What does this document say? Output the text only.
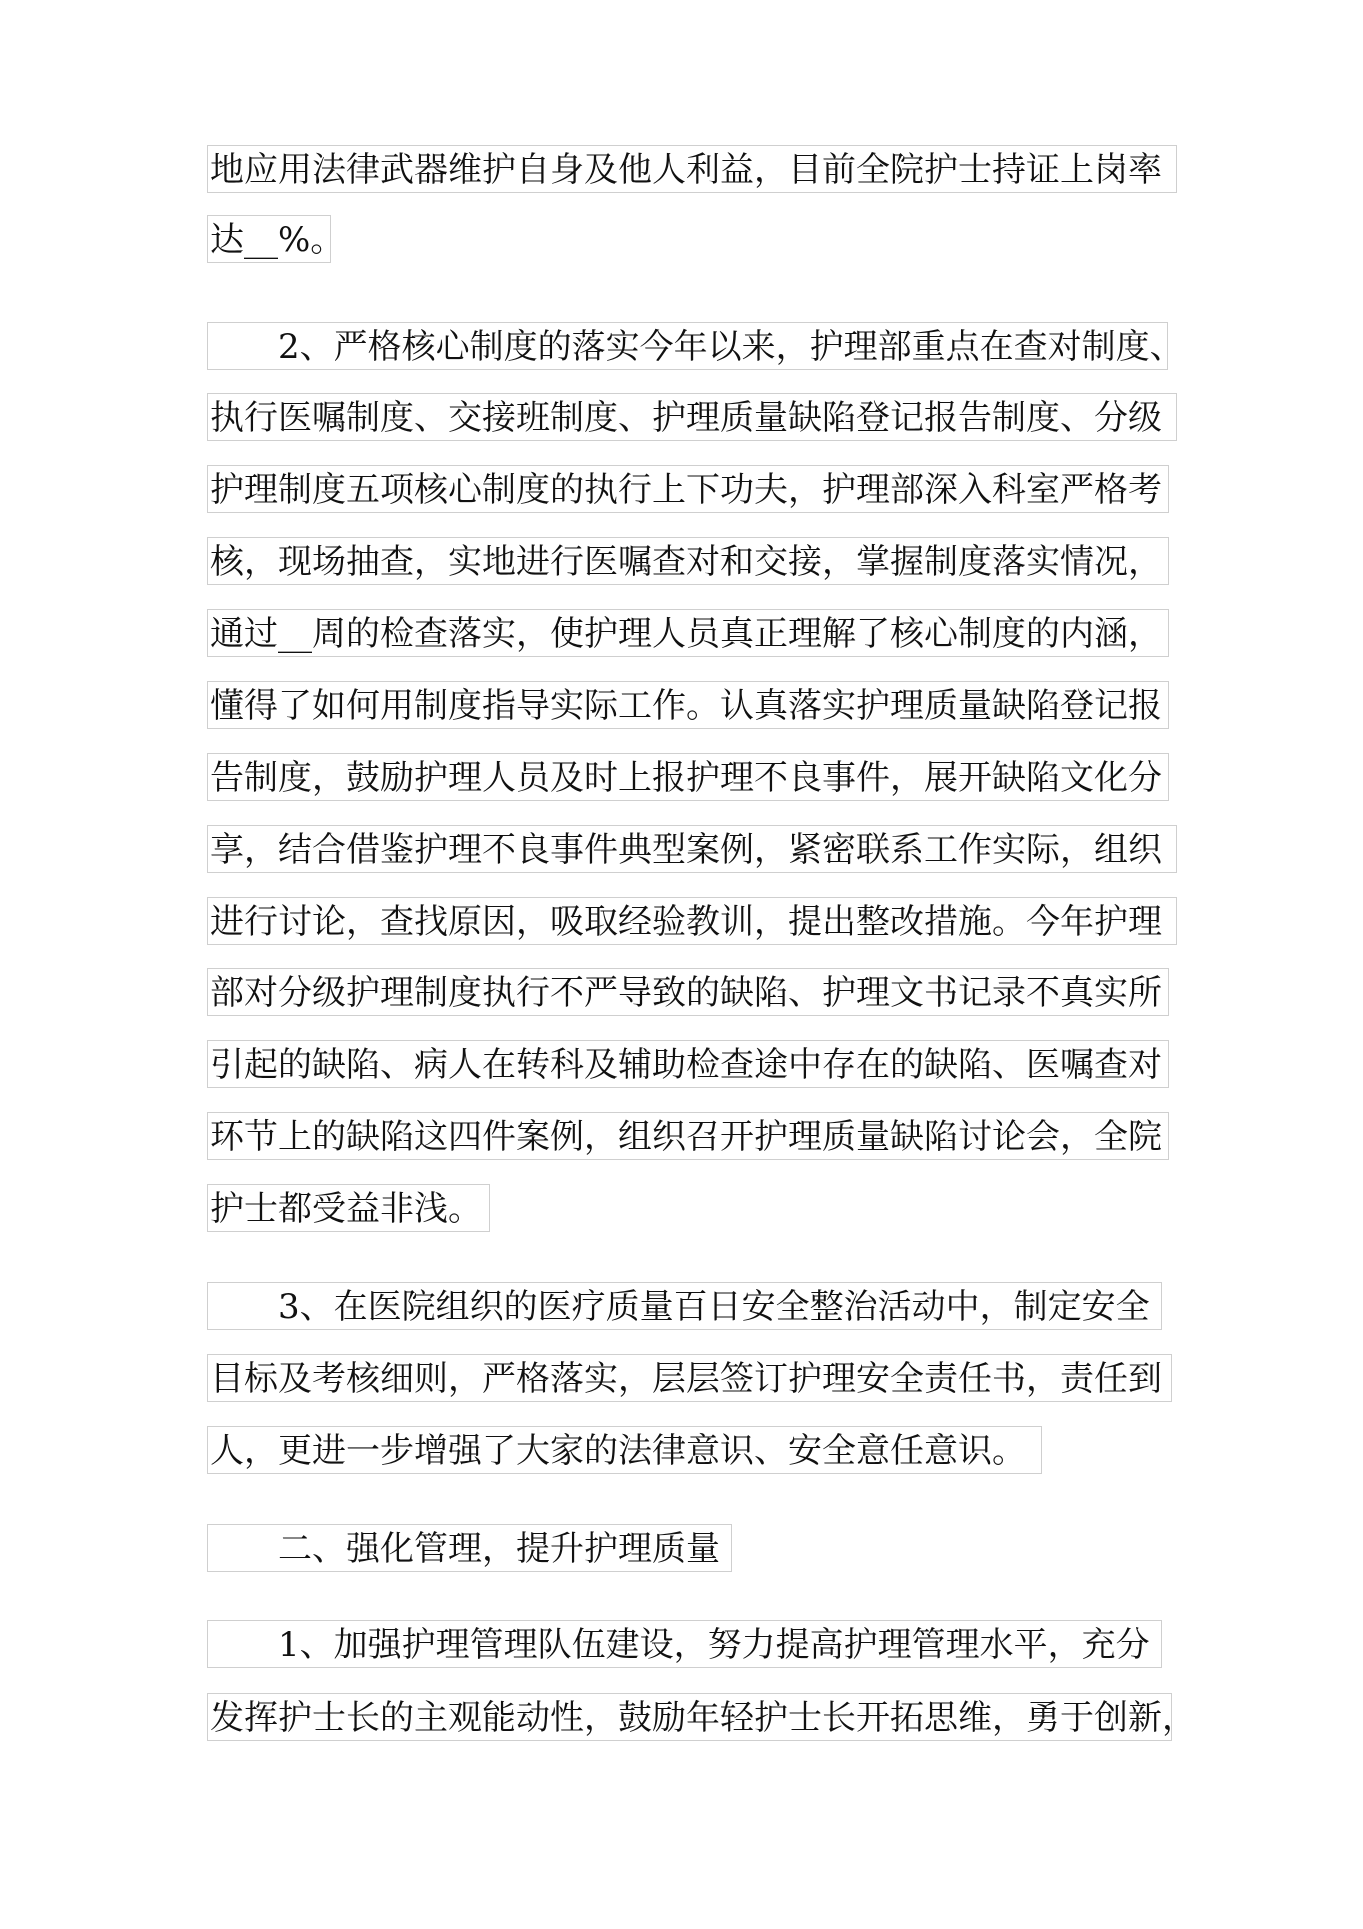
地应用法律武器维护自身及他人利益，目前全院护士持证上岗率
达__%。
2、严格核心制度的落实今年以来，护理部重点在查对制度、
执行医嘱制度、交接班制度、护理质量缺陷登记报告制度、分级
护理制度五项核心制度的执行上下功夫，护理部深入科室严格考
核，现场抽查，实地进行医嘱查对和交接，掌握制度落实情况，
通过__周的检查落实，使护理人员真正理解了核心制度的内涵，
懂得了如何用制度指导实际工作。认真落实护理质量缺陷登记报
告制度，鼓励护理人员及时上报护理不良事件，展开缺陷文化分
享，结合借鉴护理不良事件典型案例，紧密联系工作实际，组织
进行讨论，查找原因，吸取经验教训，提出整改措施。今年护理
部对分级护理制度执行不严导致的缺陷、护理文书记录不真实所
引起的缺陷、病人在转科及辅助检查途中存在的缺陷、医嘱查对
环节上的缺陷这四件案例，组织召开护理质量缺陷讨论会，全院
护士都受益非浅。
3、在医院组织的医疗质量百日安全整治活动中，制定安全
目标及考核细则，严格落实，层层签订护理安全责任书，责任到
人，更进一步增强了大家的法律意识、安全意任意识。
二、强化管理，提升护理质量
1、加强护理管理队伍建设，努力提高护理管理水平，充分
发挥护士长的主观能动性，鼓励年轻护士长开拓思维，勇于创新，
